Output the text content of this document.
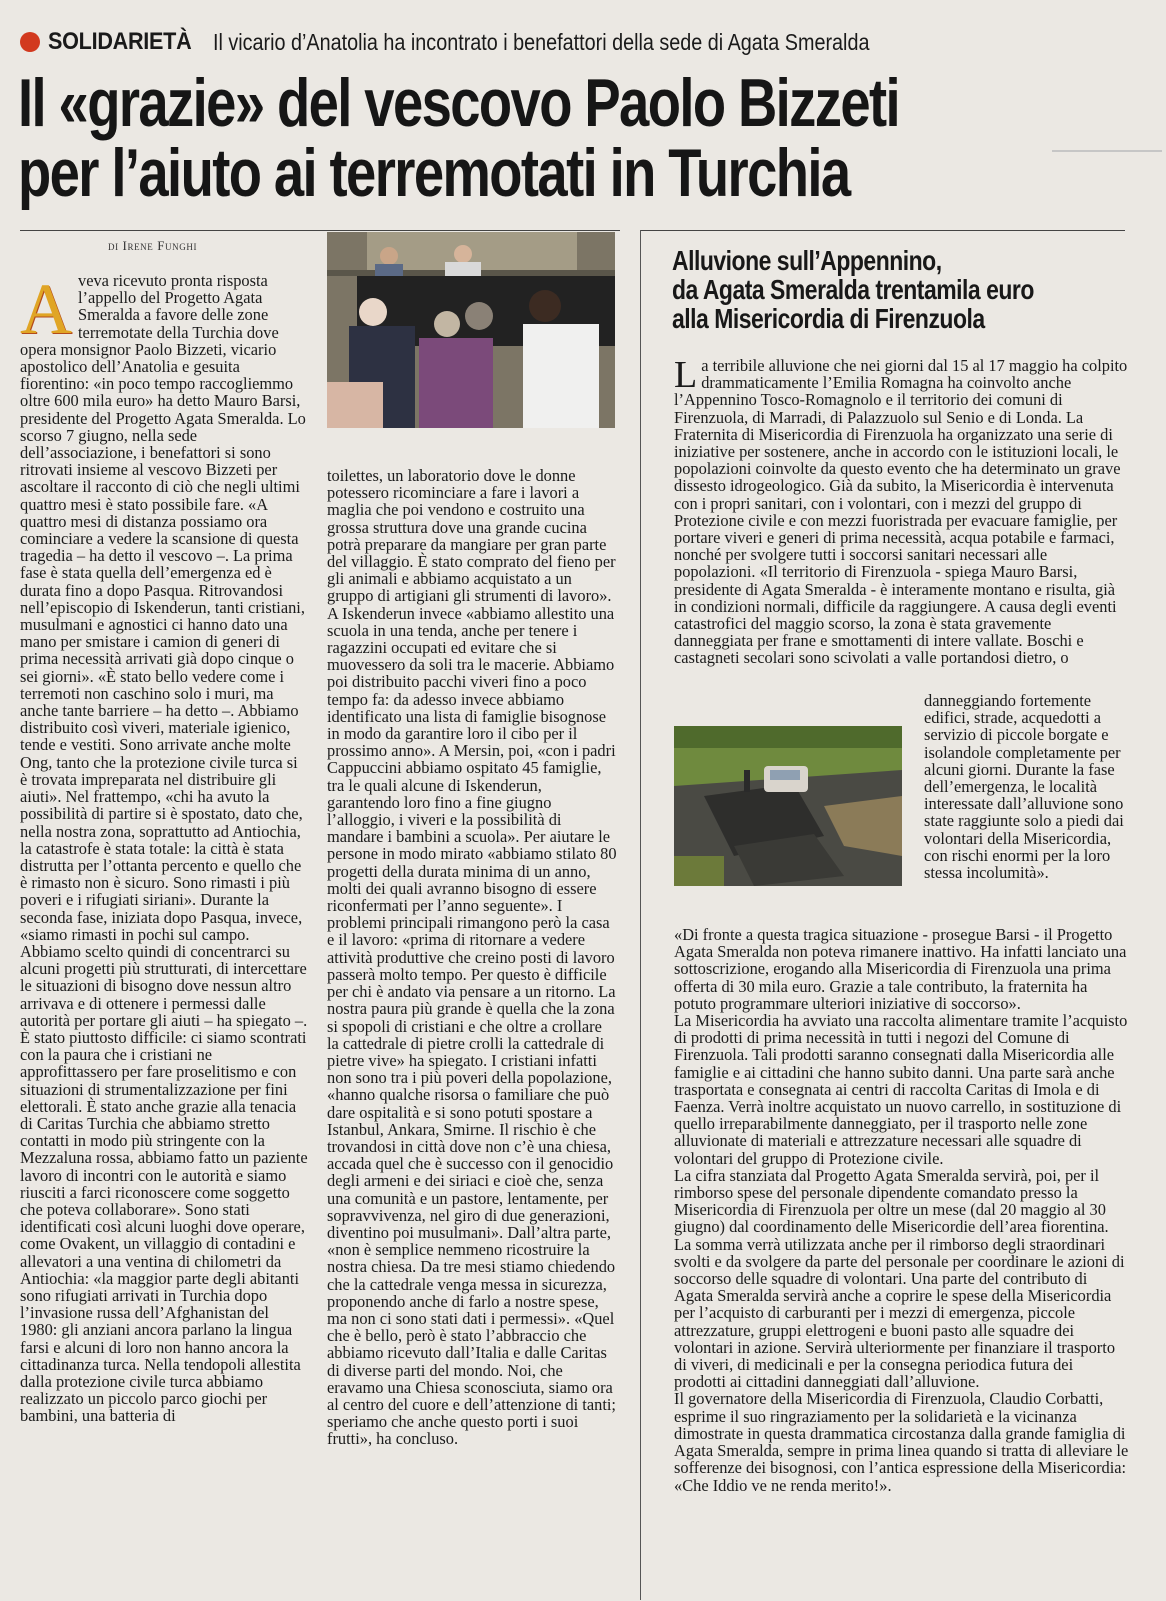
SOLIDARIETÀ Il vicario d’Anatolia ha incontrato i benefattori della sede di Agata Smeralda
Il «grazie» del vescovo Paolo Bizzeti
per l’aiuto ai terremotati in Turchia
di Irene Funghi
A veva ricevuto pronta risposta l’appello del Progetto Agata Smeralda a favore delle zone terremotate della Turchia dove opera monsignor Paolo Bizzeti, vicario apostolico dell’Anatolia e gesuita fiorentino: «in poco tempo raccogliemmo oltre 600 mila euro» ha detto Mauro Barsi, presidente del Progetto Agata Smeralda. Lo scorso 7 giugno, nella sede dell’associazione, i benefattori si sono ritrovati insieme al vescovo Bizzeti per ascoltare il racconto di ciò che negli ultimi quattro mesi è stato possibile fare. «A quattro mesi di distanza possiamo ora cominciare a vedere la scansione di questa tragedia – ha detto il vescovo –. La prima fase è stata quella dell’emergenza ed è durata fino a dopo Pasqua. Ritrovandosi nell’episcopio di Iskenderun, tanti cristiani, musulmani e agnostici ci hanno dato una mano per smistare i camion di generi di prima necessità arrivati già dopo cinque o sei giorni». «È stato bello vedere come i terremoti non caschino solo i muri, ma anche tante barriere – ha detto –. Abbiamo distribuito così viveri, materiale igienico, tende e vestiti. Sono arrivate anche molte Ong, tanto che la protezione civile turca si è trovata impreparata nel distribuire gli aiuti». Nel frattempo, «chi ha avuto la possibilità di partire si è spostato, dato che, nella nostra zona, soprattutto ad Antiochia, la catastrofe è stata totale: la città è stata distrutta per l’ottanta percento e quello che è rimasto non è sicuro. Sono rimasti i più poveri e i rifugiati siriani». Durante la seconda fase, iniziata dopo Pasqua, invece, «siamo rimasti in pochi sul campo. Abbiamo scelto quindi di concentrarci su alcuni progetti più strutturati, di intercettare le situazioni di bisogno dove nessun altro arrivava e di ottenere i permessi dalle autorità per portare gli aiuti – ha spiegato –. È stato piuttosto difficile: ci siamo scontrati con la paura che i cristiani ne approfittassero per fare proselitismo e con situazioni di strumentalizzazione per fini elettorali. È stato anche grazie alla tenacia di Caritas Turchia che abbiamo stretto contatti in modo più stringente con la Mezzaluna rossa, abbiamo fatto un paziente lavoro di incontri con le autorità e siamo riusciti a farci riconoscere come soggetto che poteva collaborare». Sono stati identificati così alcuni luoghi dove operare, come Ovakent, un villaggio di contadini e allevatori a una ventina di chilometri da Antiochia: «la maggior parte degli abitanti sono rifugiati arrivati in Turchia dopo l’invasione russa dell’Afghanistan del 1980: gli anziani ancora parlano la lingua farsi e alcuni di loro non hanno ancora la cittadinanza turca. Nella tendopoli allestita dalla protezione civile turca abbiamo realizzato un piccolo parco giochi per bambini, una batteria di

toilettes, un laboratorio dove le donne potessero ricominciare a fare i lavori a maglia che poi vendono e costruito una grossa struttura dove una grande cucina potrà preparare da mangiare per gran parte del villaggio. È stato comprato del fieno per gli animali e abbiamo acquistato a un gruppo di artigiani gli strumenti di lavoro». A Iskenderun invece «abbiamo allestito una scuola in una tenda, anche per tenere i ragazzini occupati ed evitare che si muovessero da soli tra le macerie. Abbiamo poi distribuito pacchi viveri fino a poco tempo fa: da adesso invece abbiamo identificato una lista di famiglie bisognose in modo da garantire loro il cibo per il prossimo anno». A Mersin, poi, «con i padri Cappuccini abbiamo ospitato 45 famiglie, tra le quali alcune di Iskenderun, garantendo loro fino a fine giugno l’alloggio, i viveri e la possibilità di mandare i bambini a scuola». Per aiutare le persone in modo mirato «abbiamo stilato 80 progetti della durata minima di un anno, molti dei quali avranno bisogno di essere riconfermati per l’anno seguente». I problemi principali rimangono però la casa e il lavoro: «prima di ritornare a vedere attività produttive che creino posti di lavoro passerà molto tempo. Per questo è difficile per chi è andato via pensare a un ritorno. La nostra paura più grande è quella che la zona si spopoli di cristiani e che oltre a crollare la cattedrale di pietre crolli la cattedrale di pietre vive» ha spiegato. I cristiani infatti non sono tra i più poveri della popolazione, «hanno qualche risorsa o familiare che può dare ospitalità e si sono potuti spostare a Istanbul, Ankara, Smirne. Il rischio è che trovandosi in città dove non c’è una chiesa, accada quel che è successo con il genocidio degli armeni e dei siriaci e cioè che, senza una comunità e un pastore, lentamente, per sopravvivenza, nel giro di due generazioni, diventino poi musulmani». Dall’altra parte, «non è semplice nemmeno ricostruire la nostra chiesa. Da tre mesi stiamo chiedendo che la cattedrale venga messa in sicurezza, proponendo anche di farlo a nostre spese, ma non ci sono stati dati i permessi». «Quel che è bello, però è stato l’abbraccio che abbiamo ricevuto dall’Italia e dalle Caritas di diverse parti del mondo. Noi, che eravamo una Chiesa sconosciuta, siamo ora al centro del cuore e dell’attenzione di tanti; speriamo che anche questo porti i suoi frutti», ha concluso.

Alluvione sull’Appennino,
da Agata Smeralda trentamila euro
alla Misericordia di Firenzuola
L a terribile alluvione che nei giorni dal 15 al 17 maggio ha colpito drammaticamente l’Emilia Romagna ha coinvolto anche l’Appennino Tosco-Romagnolo e il territorio dei comuni di Firenzuola, di Marradi, di Palazzuolo sul Senio e di Londa. La Fraternita di Misericordia di Firenzuola ha organizzato una serie di iniziative per sostenere, anche in accordo con le istituzioni locali, le popolazioni coinvolte da questo evento che ha determinato un grave dissesto idrogeologico. Già da subito, la Misericordia è intervenuta con i propri sanitari, con i volontari, con i mezzi del gruppo di Protezione civile e con mezzi fuoristrada per evacuare famiglie, per portare viveri e generi di prima necessità, acqua potabile e farmaci, nonché per svolgere tutti i soccorsi sanitari necessari alle popolazioni. «Il territorio di Firenzuola - spiega Mauro Barsi, presidente di Agata Smeralda - è interamente montano e risulta, già in condizioni normali, difficile da raggiungere. A causa degli eventi catastrofici del maggio scorso, la zona è stata gravemente danneggiata per frane e smottamenti di intere vallate. Boschi e castagneti secolari sono scivolati a valle portandosi dietro, o

danneggiando fortemente edifici, strade, acquedotti a servizio di piccole borgate e isolandole completamente per alcuni giorni. Durante la fase dell’emergenza, le località interessate dall’alluvione sono state raggiunte solo a piedi dai volontari della Misericordia, con rischi enormi per la loro stessa incolumità».

«Di fronte a questa tragica situazione - prosegue Barsi - il Progetto Agata Smeralda non poteva rimanere inattivo. Ha infatti lanciato una sottoscrizione, erogando alla Misericordia di Firenzuola una prima offerta di 30 mila euro. Grazie a tale contributo, la fraternita ha potuto programmare ulteriori iniziative di soccorso».

La Misericordia ha avviato una raccolta alimentare tramite l’acquisto di prodotti di prima necessità in tutti i negozi del Comune di Firenzuola. Tali prodotti saranno consegnati dalla Misericordia alle famiglie e ai cittadini che hanno subito danni. Una parte sarà anche trasportata e consegnata ai centri di raccolta Caritas di Imola e di Faenza. Verrà inoltre acquistato un nuovo carrello, in sostituzione di quello irreparabilmente danneggiato, per il trasporto nelle zone alluvionate di materiali e attrezzature necessari alle squadre di volontari del gruppo di Protezione civile.

La cifra stanziata dal Progetto Agata Smeralda servirà, poi, per il rimborso spese del personale dipendente comandato presso la Misericordia di Firenzuola per oltre un mese (dal 20 maggio al 30 giugno) dal coordinamento delle Misericordie dell’area fiorentina. La somma verrà utilizzata anche per il rimborso degli straordinari svolti e da svolgere da parte del personale per coordinare le azioni di soccorso delle squadre di volontari. Una parte del contributo di Agata Smeralda servirà anche a coprire le spese della Misericordia per l’acquisto di carburanti per i mezzi di emergenza, piccole attrezzature, gruppi elettrogeni e buoni pasto alle squadre dei volontari in azione. Servirà ulteriormente per finanziare il trasporto di viveri, di medicinali e per la consegna periodica futura dei prodotti ai cittadini danneggiati dall’alluvione.

Il governatore della Misericordia di Firenzuola, Claudio Corbatti, esprime il suo ringraziamento per la solidarietà e la vicinanza dimostrate in questa drammatica circostanza dalla grande famiglia di Agata Smeralda, sempre in prima linea quando si tratta di alleviare le sofferenze dei bisognosi, con l’antica espressione della Misericordia: «Che Iddio ve ne renda merito!».
